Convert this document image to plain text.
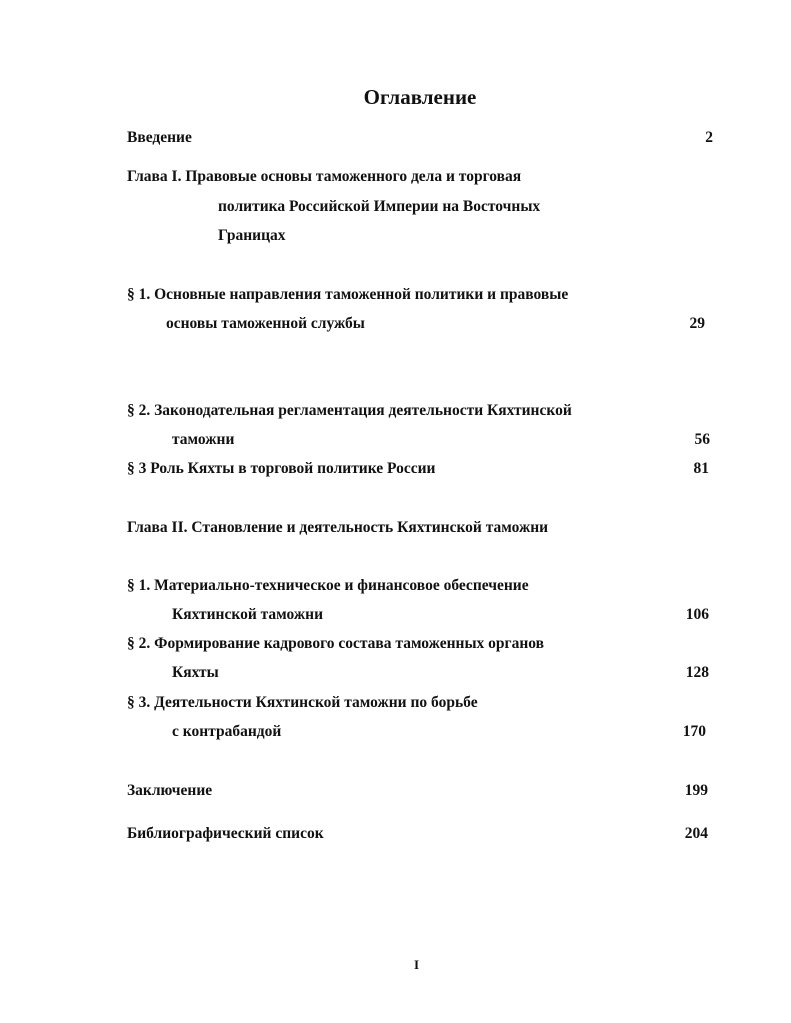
Оглавление
Введение	2
Глава I. Правовые основы таможенного дела и торговая
политика Российской Империи на Восточных
Границах
§ 1. Основные направления таможенной политики и правовые
основы таможенной службы	29
§ 2. Законодательная регламентация деятельности Кяхтинской
таможни	56
§ 3 Роль Кяхты в торговой политике России	81
Глава II. Становление и деятельность Кяхтинской таможни
§ 1. Материально-техническое и финансовое обеспечение
Кяхтинской таможни	106
§ 2. Формирование кадрового состава таможенных органов
Кяхты	128
§ 3. Деятельности Кяхтинской таможни по борьбе
с контрабандой	170
Заключение	199
Библиографический список	204
I
